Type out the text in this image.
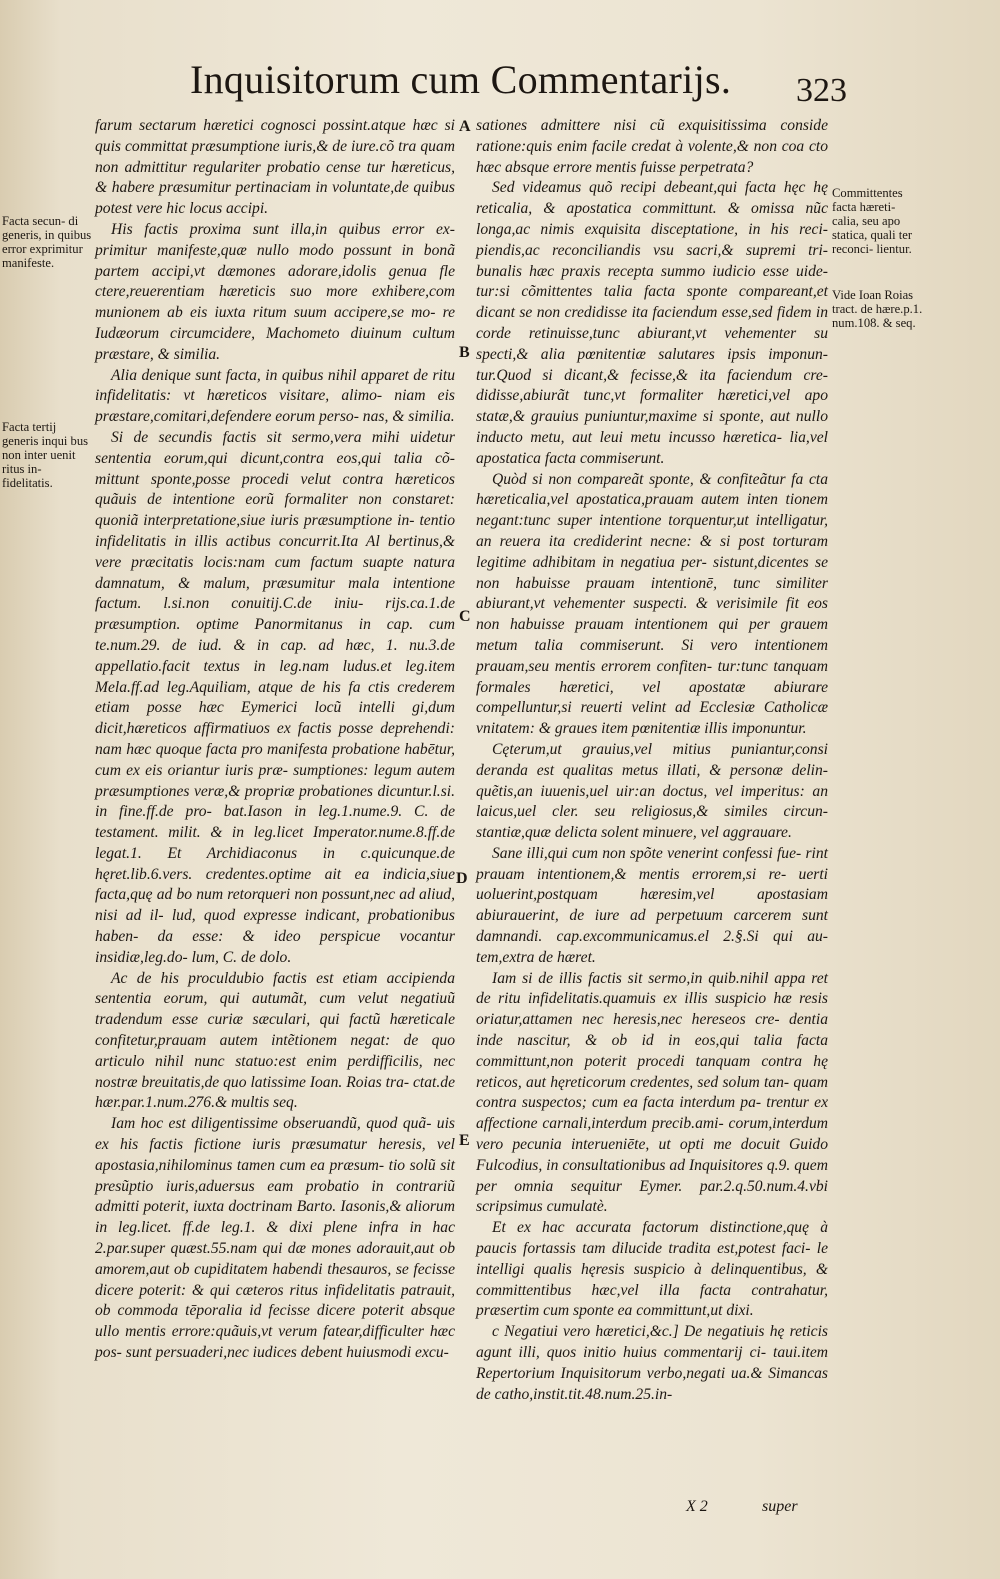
Inquisitorum cum Commentarijs. 323
Facta secun- di generis, in quibus error exprimitur manifeste.
Facta tertij generis inqui bus non inter uenit ritus in- fidelitatis.

farum sectarum hæretici cognosci possint.atque hæc si quis committat præsumptione iuris,& de iure.cõ tra quam non admittitur regulariter probatio cense tur hæreticus, & habere præsumitur pertinaciam in voluntate,de quibus potest vere hic locus accipi.

His factis proxima sunt illa,in quibus error ex- primitur manifeste,quæ nullo modo possunt in bonã partem accipi,vt dæmones adorare,idolis genua fle ctere,reuerentiam hæreticis suo more exhibere,com munionem ab eis iuxta ritum suum accipere,se mo- re Iudæorum circumcidere, Machometo diuinum cultum præstare, & similia.

Alia denique sunt facta, in quibus nihil apparet de ritu infidelitatis: vt hæreticos visitare, alimo- niam eis præstare,comitari,defendere eorum perso- nas, & similia.

Si de secundis factis sit sermo,vera mihi uidetur sententia eorum,qui dicunt,contra eos,qui talia cõ- mittunt sponte,posse procedi velut contra hæreticos quãuis de intentione eorũ formaliter non constaret: quoniã interpretatione,siue iuris præsumptione in- tentio infidelitatis in illis actibus concurrit.Ita Al bertinus,& vere præcitatis locis:nam cum factum suapte natura damnatum, & malum, præsumitur mala intentione factum. l.si.non conuitij.C.de iniu- rijs.ca.1.de præsumption. optime Panormitanus in cap. cum te.num.29. de iud. & in cap. ad hæc, 1. nu.3.de appellatio.facit textus in leg.nam ludus.et leg.item Mela.ff.ad leg.Aquiliam, atque de his fa ctis crederem etiam posse hæc Eymerici locũ intelli gi,dum dicit,hæreticos affirmatiuos ex factis posse deprehendi: nam hæc quoque facta pro manifesta probatione habētur, cum ex eis oriantur iuris præ- sumptiones: legum autem præsumptiones veræ,& propriæ probationes dicuntur.l.si. in fine.ff.de pro- bat.Iason in leg.1.nume.9. C. de testament. milit. & in leg.licet Imperator.nume.8.ff.de legat.1. Et Archidiaconus in c.quicunque.de hęret.lib.6.vers. credentes.optime ait ea indicia,siue facta,quę ad bo num retorqueri non possunt,nec ad aliud, nisi ad il- lud, quod expresse indicant, probationibus haben- da esse: & ideo perspicue vocantur insidiæ,leg.do- lum, C. de dolo.

Ac de his proculdubio factis est etiam accipienda sententia eorum, qui autumãt, cum velut negatiuũ tradendum esse curiæ sæculari, qui factũ hæreticale confitetur,prauam autem intẽtionem negat: de quo articulo nihil nunc statuo:est enim perdifficilis, nec nostræ breuitatis,de quo latissime Ioan. Roias tra- ctat.de hær.par.1.num.276.& multis seq.

Iam hoc est diligentissime obseruandũ, quod quã- uis ex his factis fictione iuris præsumatur heresis, vel apostasia,nihilominus tamen cum ea præsum- tio solũ sit presũptio iuris,aduersus eam probatio in contrariũ admitti poterit, iuxta doctrinam Barto. Iasonis,& aliorum in leg.licet. ff.de leg.1. & dixi plene infra in hac 2.par.super quæst.55.nam qui dæ mones adorauit,aut ob amorem,aut ob cupiditatem habendi thesauros, se fecisse dicere poterit: & qui cæteros ritus infidelitatis patrauit, ob commoda tēporalia id fecisse dicere poterit absque ullo mentis errore:quãuis,vt verum fatear,difficulter hæc pos- sunt persuaderi,nec iudices debent huiusmodi excu-

A
B
C
D
E

sationes admittere nisi cũ exquisitissima conside ratione:quis enim facile credat à volente,& non coa cto hæc absque errore mentis fuisse perpetrata?

Sed videamus quõ recipi debeant,qui facta hęc hę reticalia, & apostatica committunt. & omissa nũc longa,ac nimis exquisita disceptatione, in his reci- piendis,ac reconciliandis vsu sacri,& supremi tri- bunalis hæc praxis recepta summo iudicio esse uide- tur:si cõmittentes talia facta sponte compareant,et dicant se non credidisse ita faciendum esse,sed fidem in corde retinuisse,tunc abiurant,vt vehementer su specti,& alia pœnitentiæ salutares ipsis imponun- tur.Quod si dicant,& fecisse,& ita faciendum cre- didisse,abiurãt tunc,vt formaliter hæretici,vel apo statæ,& grauius puniuntur,maxime si sponte, aut nullo inducto metu, aut leui metu incusso hæretica- lia,vel apostatica facta commiserunt.

Quòd si non compareãt sponte, & confiteãtur fa cta hæreticalia,vel apostatica,prauam autem inten tionem negant:tunc super intentione torquentur,ut intelligatur, an reuera ita crediderint necne: & si post torturam legitime adhibitam in negatiua per- sistunt,dicentes se non habuisse prauam intentionē, tunc similiter abiurant,vt vehementer suspecti. & verisimile fit eos non habuisse prauam intentionem qui per grauem metum talia commiserunt. Si vero intentionem prauam,seu mentis errorem confiten- tur:tunc tanquam formales hæretici, vel apostatæ abiurare compelluntur,si reuerti velint ad Ecclesiæ Catholicæ vnitatem: & graues item pœnitentiæ illis imponuntur.

Cęterum,ut grauius,vel mitius puniantur,consi deranda est qualitas metus illati, & personæ delin- quẽtis,an iuuenis,uel uir:an doctus, vel imperitus: an laicus,uel cler. seu religiosus,& similes circun- stantiæ,quæ delicta solent minuere, vel aggrauare.

Sane illi,qui cum non spõte venerint confessi fue- rint prauam intentionem,& mentis errorem,si re- uerti uoluerint,postquam hæresim,vel apostasiam abiurauerint, de iure ad perpetuum carcerem sunt damnandi. cap.excommunicamus.el 2.§.Si qui au- tem,extra de hæret.

Iam si de illis factis sit sermo,in quib.nihil appa ret de ritu infidelitatis.quamuis ex illis suspicio hæ resis oriatur,attamen nec heresis,nec hereseos cre- dentia inde nascitur, & ob id in eos,qui talia facta committunt,non poterit procedi tanquam contra hę reticos, aut hęreticorum credentes, sed solum tan- quam contra suspectos; cum ea facta interdum pa- trentur ex affectione carnali,interdum precib.ami- corum,interdum vero pecunia interueniēte, ut opti me docuit Guido Fulcodius, in consultationibus ad Inquisitores q.9. quem per omnia sequitur Eymer. par.2.q.50.num.4.vbi scripsimus cumulatè.

Et ex hac accurata factorum distinctione,quę à paucis fortassis tam dilucide tradita est,potest faci- le intelligi qualis hęresis suspicio à delinquentibus, & committentibus hæc,vel illa facta contrahatur, præsertim cum sponte ea committunt,ut dixi.

c Negatiui vero hæretici,&c.] De negatiuis hę reticis agunt illi, quos initio huius commentarij ci- taui.item Repertorium Inquisitorum verbo,negati ua.& Simancas de catho,instit.tit.48.num.25.in-

Committentes facta hæreti- calia, seu apo statica, quali ter reconci- lientur.
Vide Ioan Roias tract. de hære.p.1. num.108. & seq.
X 2	super
